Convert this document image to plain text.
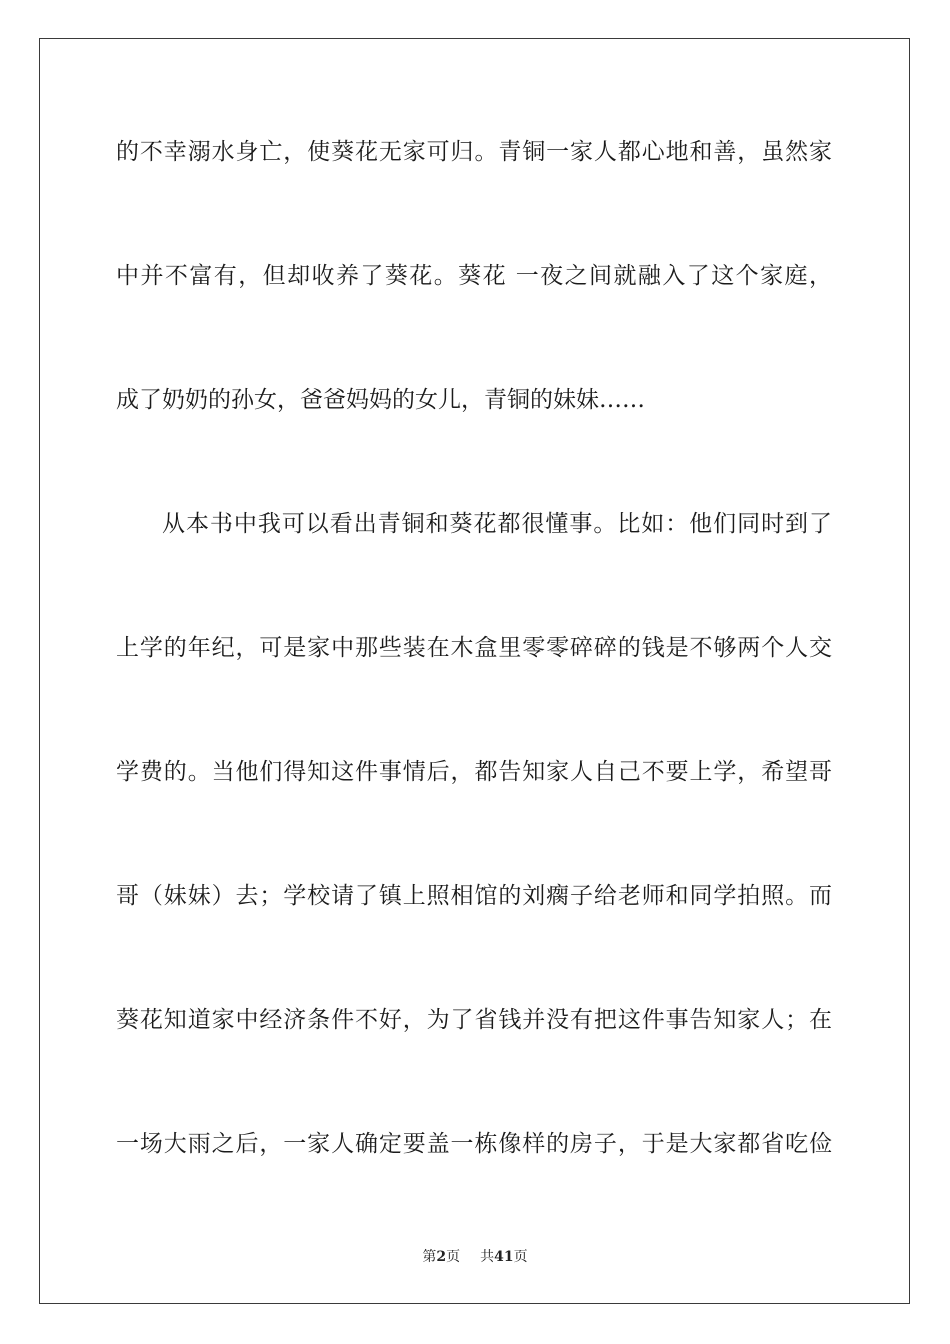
的不幸溺水身亡，使葵花无家可归。青铜一家人都心地和善，虽然家
中并不富有，但却收养了葵花。葵花 一夜之间就融入了这个家庭，
成了奶奶的孙女，爸爸妈妈的女儿，青铜的妹妹……
从本书中我可以看出青铜和葵花都很懂事。比如：他们同时到了
上学的年纪，可是家中那些装在木盒里零零碎碎的钱是不够两个人交
学费的。当他们得知这件事情后，都告知家人自己不要上学，希望哥
哥（妹妹）去；学校请了镇上照相馆的刘瘸子给老师和同学拍照。而
葵花知道家中经济条件不好，为了省钱并没有把这件事告知家人；在
一场大雨之后，一家人确定要盖一栋像样的房子，于是大家都省吃俭
第2页 共41页
